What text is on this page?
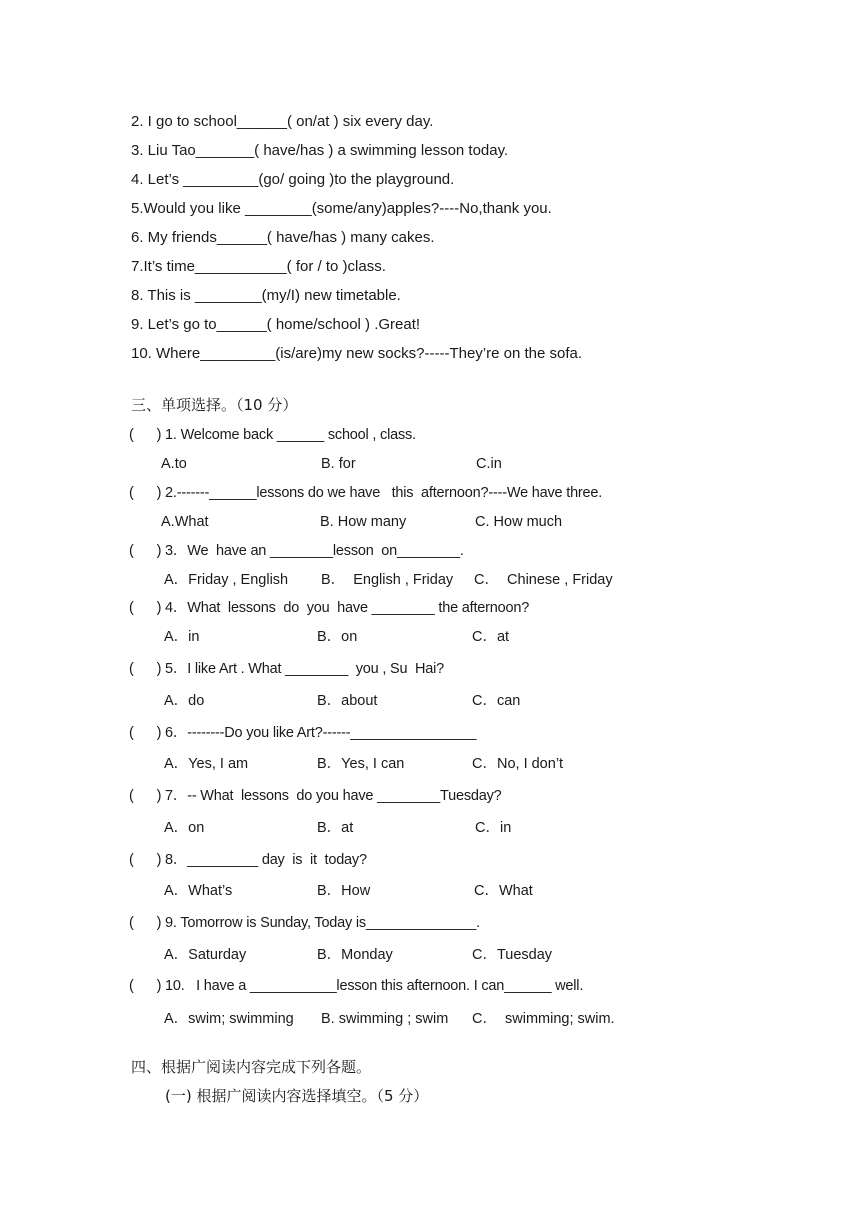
2. I go to school______( on/at ) six every day.
3. Liu Tao_______( have/has ) a swimming lesson today.
4. Let’s _________(go/ going )to the playground.
5.Would you like ________(some/any)apples?----No,thank you.
6. My friends______( have/has ) many cakes.
7.It’s time___________( for / to )class.
8. This is ________(my/I) new timetable.
9. Let’s go to______( home/school ) .Great!
10. Where_________(is/are)my new socks?-----They’re on the sofa.
三、单项选择。（10 分）
(      ) 1. Welcome back ______ school , class.
A.to	B. for	C.in
(      ) 2.-------______lessons do we have   this  afternoon?----We have three.
A.What	B. How many	C. How much
(      ) 3．We  have an ________lesson  on________.
A．Friday , English B．  English , Friday C．  Chinese , Friday
(      ) 4．What  lessons  do  you  have ________ the afternoon?
A．in	B．on	C．at
(      ) 5．I like Art . What ________  you , Su  Hai?
A．do	B．about	C．can
(      ) 6．--------Do you like Art?------________________
A．Yes, I am	B．Yes, I can	C．No, I don’t
(      ) 7．-- What  lessons  do you have ________Tuesday?
A．on	B．at	C．in
(      ) 8．_________ day  is  it  today?
A．What’s	B．How	C．What
(      ) 9. Tomorrow is Sunday, Today is______________.
A．Saturday	B．Monday	C．Tuesday
(      ) 10.   I have a ___________lesson this afternoon. I can______ well.
A．swim; swimming B. swimming ; swim C．  swimming; swim.
四、根据广阅读内容完成下列各题。
(一) 根据广阅读内容选择填空。（5 分）
